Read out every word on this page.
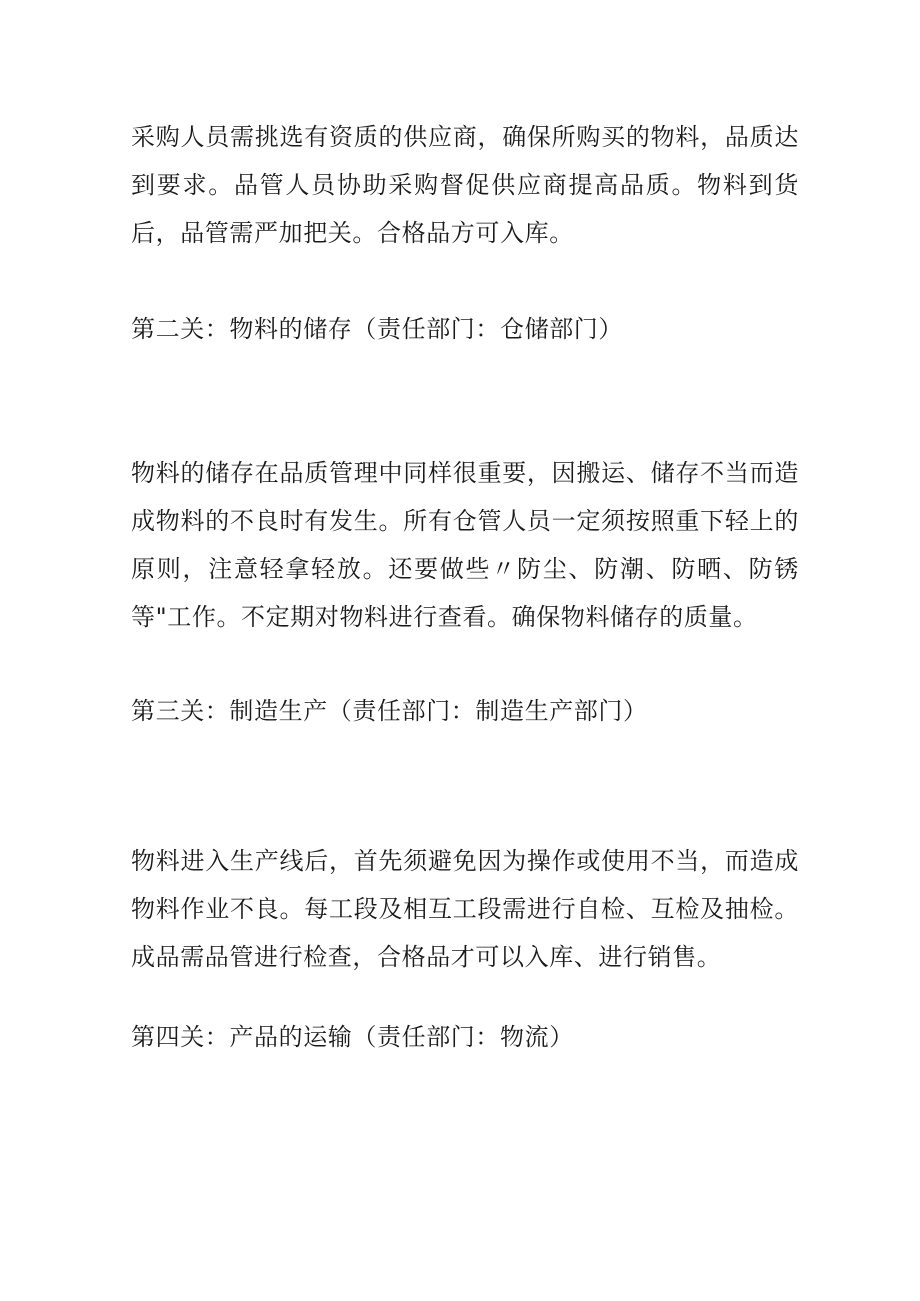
采购人员需挑选有资质的供应商，确保所购买的物料，品质达到要求。品管人员协助采购督促供应商提高品质。物料到货后，品管需严加把关。合格品方可入库。

第二关：物料的储存（责任部门：仓储部门）

物料的储存在品质管理中同样很重要，因搬运、储存不当而造成物料的不良时有发生。所有仓管人员一定须按照重下轻上的原则，注意轻拿轻放。还要做些〃防尘、防潮、防晒、防锈等"工作。不定期对物料进行查看。确保物料储存的质量。

第三关：制造生产（责任部门：制造生产部门）

物料进入生产线后，首先须避免因为操作或使用不当，而造成物料作业不良。每工段及相互工段需进行自检、互检及抽检。成品需品管进行检查，合格品才可以入库、进行销售。

第四关：产品的运输（责任部门：物流）
